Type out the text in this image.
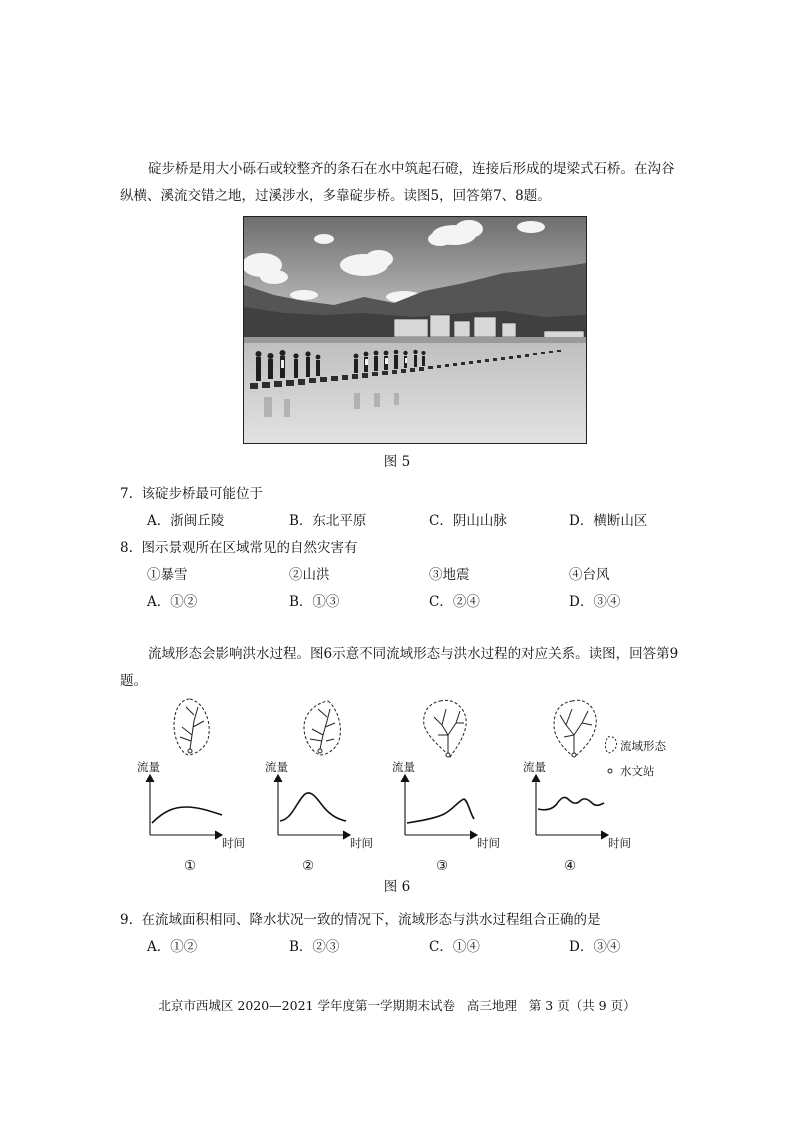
碇步桥是用大小砾石或较整齐的条石在水中筑起石磴，连接后形成的堤梁式石桥。在沟谷纵横、溪流交错之地，过溪涉水，多靠碇步桥。读图5，回答第7、8题。
图 5
7.  该碇步桥最可能位于
A．浙闽丘陵	B．东北平原	C．阴山山脉	D．横断山区
8.  图示景观所在区域常见的自然灾害有
①暴雪	②山洪	③地震	④台风
A．①②	B．①③	C．②④	D．③④
流域形态会影响洪水过程。图6示意不同流域形态与洪水过程的对应关系。读图，回答第9题。
流域形态
水文站
流量
时间
流量
时间
流量
时间
流量
时间
①	②	③	④
图 6
9.  在流域面积相同、降水状况一致的情况下，流域形态与洪水过程组合正确的是
A．①②	B．②③	C．①④	D．③④
北京市西城区 2020—2021 学年度第一学期期末试卷   高三地理   第 3 页（共 9 页）
